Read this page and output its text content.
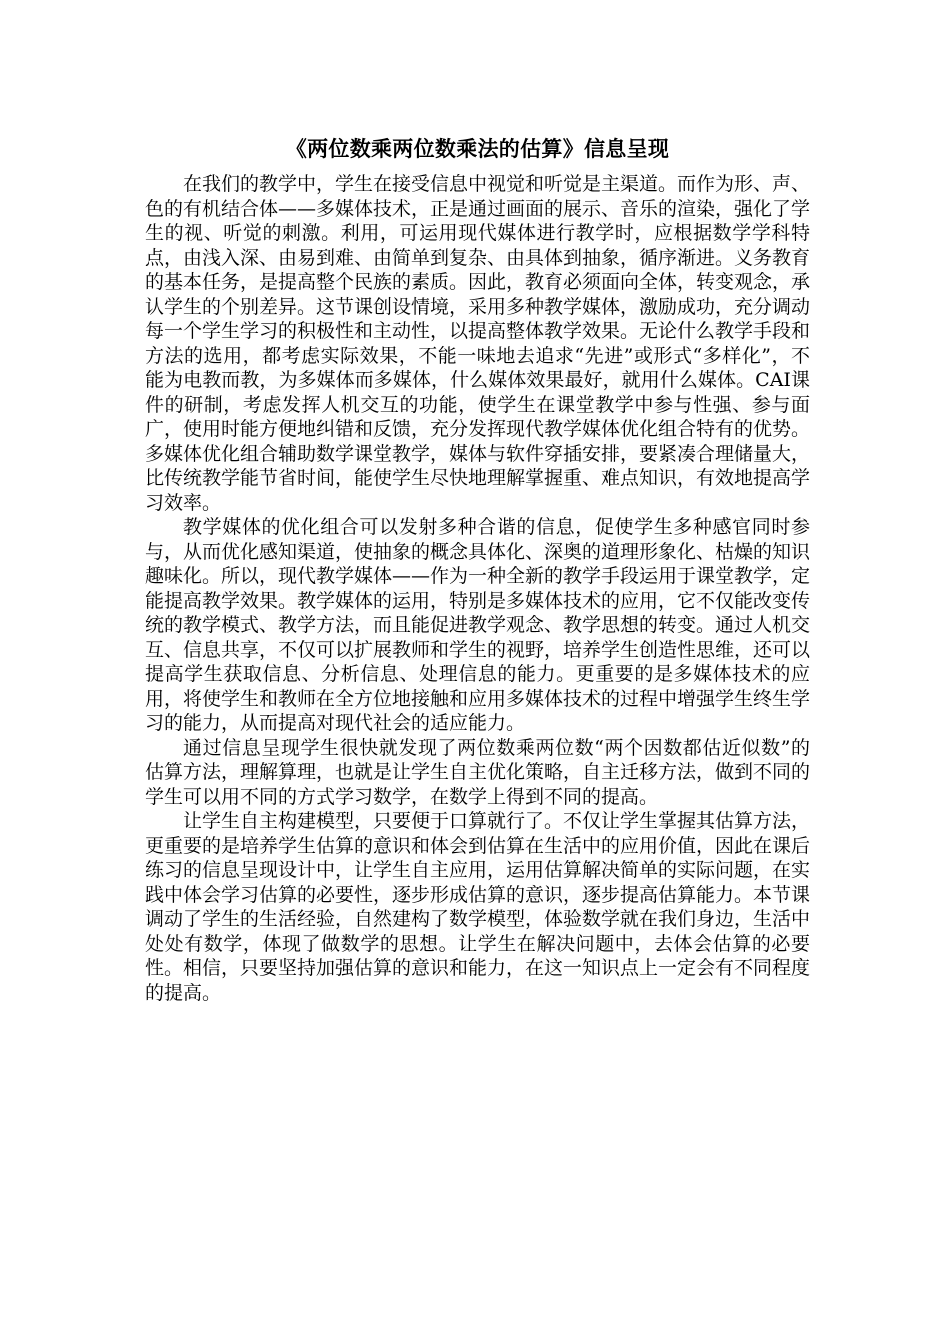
《两位数乘两位数乘法的估算》信息呈现

在我们的教学中，学生在接受信息中视觉和听觉是主渠道。而作为形、声、色的有机结合体——多媒体技术，正是通过画面的展示、音乐的渲染，强化了学生的视、听觉的刺激。利用，可运用现代媒体进行教学时，应根据数学学科特点，由浅入深、由易到难、由简单到复杂、由具体到抽象，循序渐进。义务教育的基本任务，是提高整个民族的素质。因此，教育必须面向全体，转变观念，承认学生的个别差异。这节课创设情境，采用多种教学媒体，激励成功，充分调动每一个学生学习的积极性和主动性，以提高整体教学效果。无论什么教学手段和方法的选用，都考虑实际效果，不能一味地去追求“先进”或形式“多样化”，不能为电教而教，为多媒体而多媒体，什么媒体效果最好，就用什么媒体。CAI课件的研制，考虑发挥人机交互的功能，使学生在课堂教学中参与性强、参与面广，使用时能方便地纠错和反馈，充分发挥现代教学媒体优化组合特有的优势。多媒体优化组合辅助数学课堂教学，媒体与软件穿插安排，要紧凑合理储量大，比传统教学能节省时间，能使学生尽快地理解掌握重、难点知识，有效地提高学习效率。

教学媒体的优化组合可以发射多种合谐的信息，促使学生多种感官同时参与，从而优化感知渠道，使抽象的概念具体化、深奥的道理形象化、枯燥的知识趣味化。所以，现代教学媒体——作为一种全新的教学手段运用于课堂教学，定能提高教学效果。教学媒体的运用，特别是多媒体技术的应用，它不仅能改变传统的教学模式、教学方法，而且能促进教学观念、教学思想的转变。通过人机交互、信息共享，不仅可以扩展教师和学生的视野，培养学生创造性思维，还可以提高学生获取信息、分析信息、处理信息的能力。更重要的是多媒体技术的应用，将使学生和教师在全方位地接触和应用多媒体技术的过程中增强学生终生学习的能力，从而提高对现代社会的适应能力。

通过信息呈现学生很快就发现了两位数乘两位数“两个因数都估近似数”的估算方法，理解算理，也就是让学生自主优化策略，自主迁移方法，做到不同的学生可以用不同的方式学习数学，在数学上得到不同的提高。

让学生自主构建模型，只要便于口算就行了。不仅让学生掌握其估算方法，更重要的是培养学生估算的意识和体会到估算在生活中的应用价值，因此在课后练习的信息呈现设计中，让学生自主应用，运用估算解决简单的实际问题，在实践中体会学习估算的必要性，逐步形成估算的意识，逐步提高估算能力。本节课调动了学生的生活经验，自然建构了数学模型，体验数学就在我们身边，生活中处处有数学，体现了做数学的思想。让学生在解决问题中，去体会估算的必要性。相信，只要坚持加强估算的意识和能力，在这一知识点上一定会有不同程度的提高。
